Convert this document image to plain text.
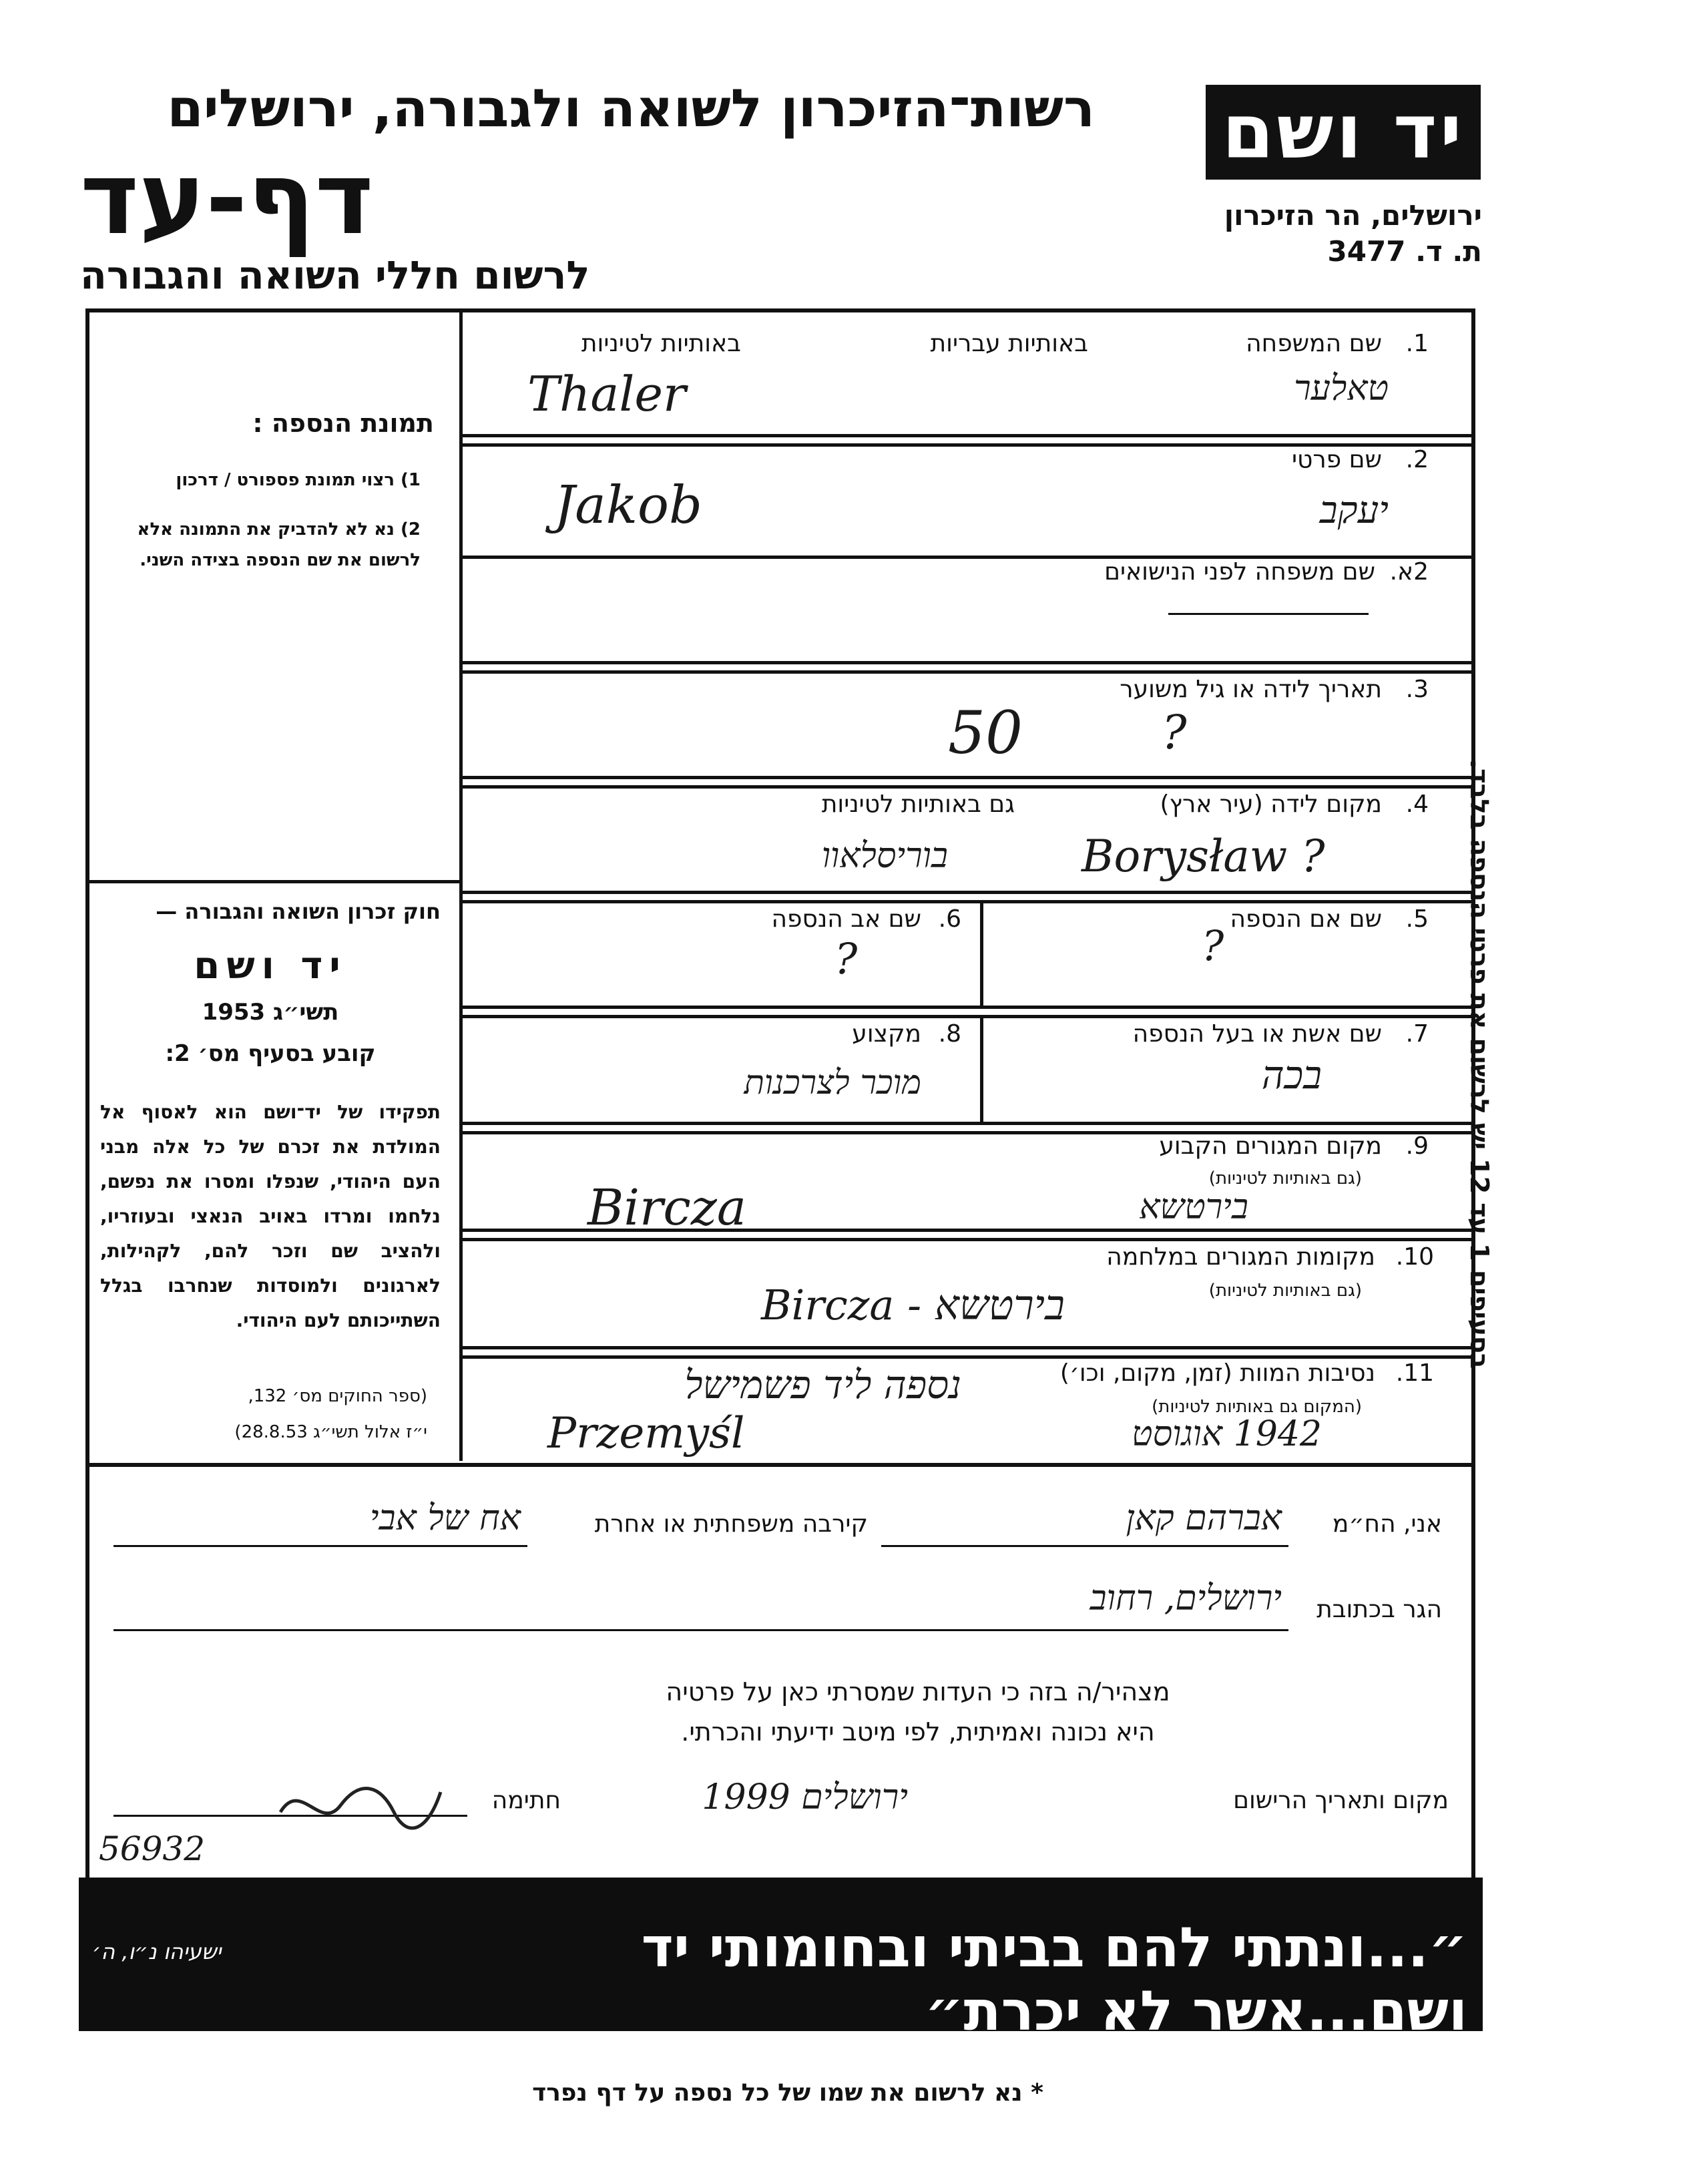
רשות־הזיכרון לשואה ולגבורה, ירושלים
דף-עד
לרשום חללי השואה והגבורה
יד ושם
ירושלים, הר הזיכרון
ת. ד. 3477
תמונת הנספה :
1) רצוי תמונת פספורט / דרכון
2) נא לא להדביק את התמונה אלא לרשום את שם הנספה בצידה השני.
חוק זכרון השואה והגבורה —
יד ושם
תשי״ג 1953
קובע בסעיף מס׳ 2:
תפקידו של יד־ושם הוא לאסוף אל המולדת את זכרם של כל אלה מבני העם היהודי, שנפלו ומסרו את נפשם, נלחמו ומרדו באויב הנאצי ובעוזריו, ולהציב שם וזכר להם, לקהילות, לארגונים ולמוסדות שנחרבו בגלל השתייכותם לעם היהודי.
(ספר החוקים מס׳ 132,
י״ז אלול תשי״ג 28.8.53)
בסעיפים 1 עד 12 יש לרשום את פרטי הנספה בלבד.
1.
שם המשפחה
באותיות עבריות
באותיות לטיניות
Thaler	טאלער
2.
שם פרטי
Jakob	יעקב
2א.
שם משפחה לפני הנישואים
3.
תאריך לידה או גיל משוער
50	?
4.
מקום לידה (עיר ארץ)
גם באותיות לטיניות
Borysław ?
בוריסלאוו
5.
שם אם הנספה
?
6.
שם אב הנספה
?
7.
שם אשת או בעל הנספה
בכה
8.
מקצוע
מוכר לצרכנות
9.
מקום המגורים הקבוע
(גם באותיות לטיניות)
Bircza	בירטשא
10.
מקומות המגורים במלחמה
(גם באותיות לטיניות)
Bircza - בירטשא
11.
נסיבות המוות (זמן, מקום, וכו׳)
(המקום גם באותיות לטיניות)
נספה ליד פשמישל
Przemyśl	1942 אוגוסט
אני, הח״מ
אברהם קאן
קירבה משפחתית או אחרת
אח של אבי
הגר בכתובת
ירושלים, רחוב
מצהיר/ה בזה כי העדות שמסרתי כאן על פרטיה
היא נכונה ואמיתית, לפי מיטב ידיעתי והכרתי.
מקום ותאריך הרישום
ירושלים 1999
חתימה
56932
״...ונתתי להם בביתי ובחומותי יד ושם...אשר לא יכרת״
ישעיהו נ״ו, ה׳
* נא לרשום את שמו של כל נספה על דף נפרד
